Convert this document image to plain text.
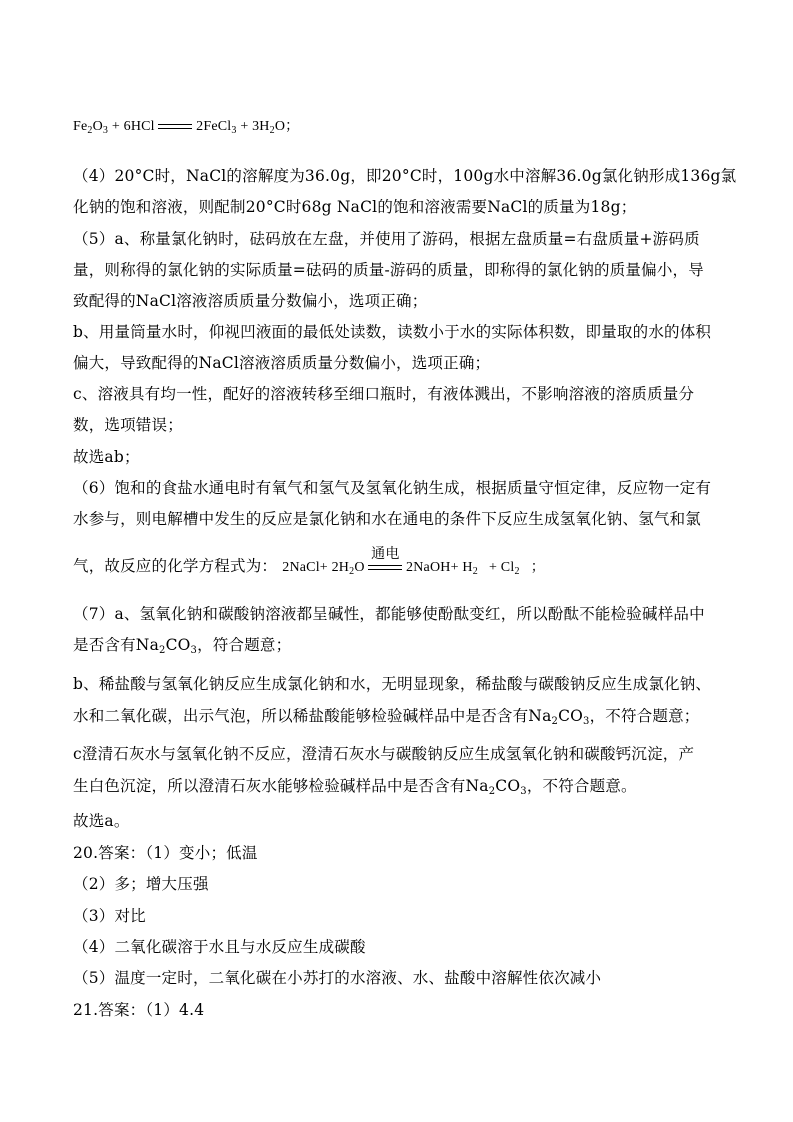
$Fe_2O_3 + 6HCl$	2FeCl$_3$ + $3H_2O$；
（4）20°C时，NaCl的溶解度为36.0g，即20°C时，100g水中溶解36.0g氯化钠形成136g氯
化钠的饱和溶液，则配制20°C时68g NaCl的饱和溶液需要NaCl的质量为18g；
（5）a、称量氯化钠时，砝码放在左盘，并使用了游码，根据左盘质量=右盘质量+游码质
量，则称得的氯化钠的实际质量=砝码的质量-游码的质量，即称得的氯化钠的质量偏小，导
致配得的NaCl溶液溶质质量分数偏小，选项正确；
b、用量筒量水时，仰视凹液面的最低处读数，读数小于水的实际体积数，即量取的水的体积
偏大，导致配得的NaCl溶液溶质质量分数偏小，选项正确；
c、溶液具有均一性，配好的溶液转移至细口瓶时，有液体溅出，不影响溶液的溶质质量分
数，选项错误；
故选ab；
（6）饱和的食盐水通电时有氧气和氢气及氢氧化钠生成，根据质量守恒定律，反应物一定有
水参与，则电解槽中发生的反应是氯化钠和水在通电的条件下反应生成氢氧化钠、氢气和氯
气，故反应的化学方程式为： 2NaCl+ $2H_2O$
通电
2NaOH+ $H_2 + Cl_2$ ；
（7）a、氢氧化钠和碳酸钠溶液都呈碱性，都能够使酚酞变红，所以酚酞不能检验碱样品中
是否含有$Na_2CO_3$，符合题意；
b、稀盐酸与氢氧化钠反应生成氯化钠和水，无明显现象，稀盐酸与碳酸钠反应生成氯化钠、
水和二氧化碳，出示气泡，所以稀盐酸能够检验碱样品中是否含有$Na_2CO_3$，不符合题意；
c澄清石灰水与氢氧化钠不反应，澄清石灰水与碳酸钠反应生成氢氧化钠和碳酸钙沉淀，产
生白色沉淀，所以澄清石灰水能够检验碱样品中是否含有$Na_2CO_3$，不符合题意。
故选a。
20.答案：（1）变小；低温
（2）多；增大压强
（3）对比
（4）二氧化碳溶于水且与水反应生成碳酸
（5）温度一定时，二氧化碳在小苏打的水溶液、水、盐酸中溶解性依次减小
21.答案：（1）4.4
